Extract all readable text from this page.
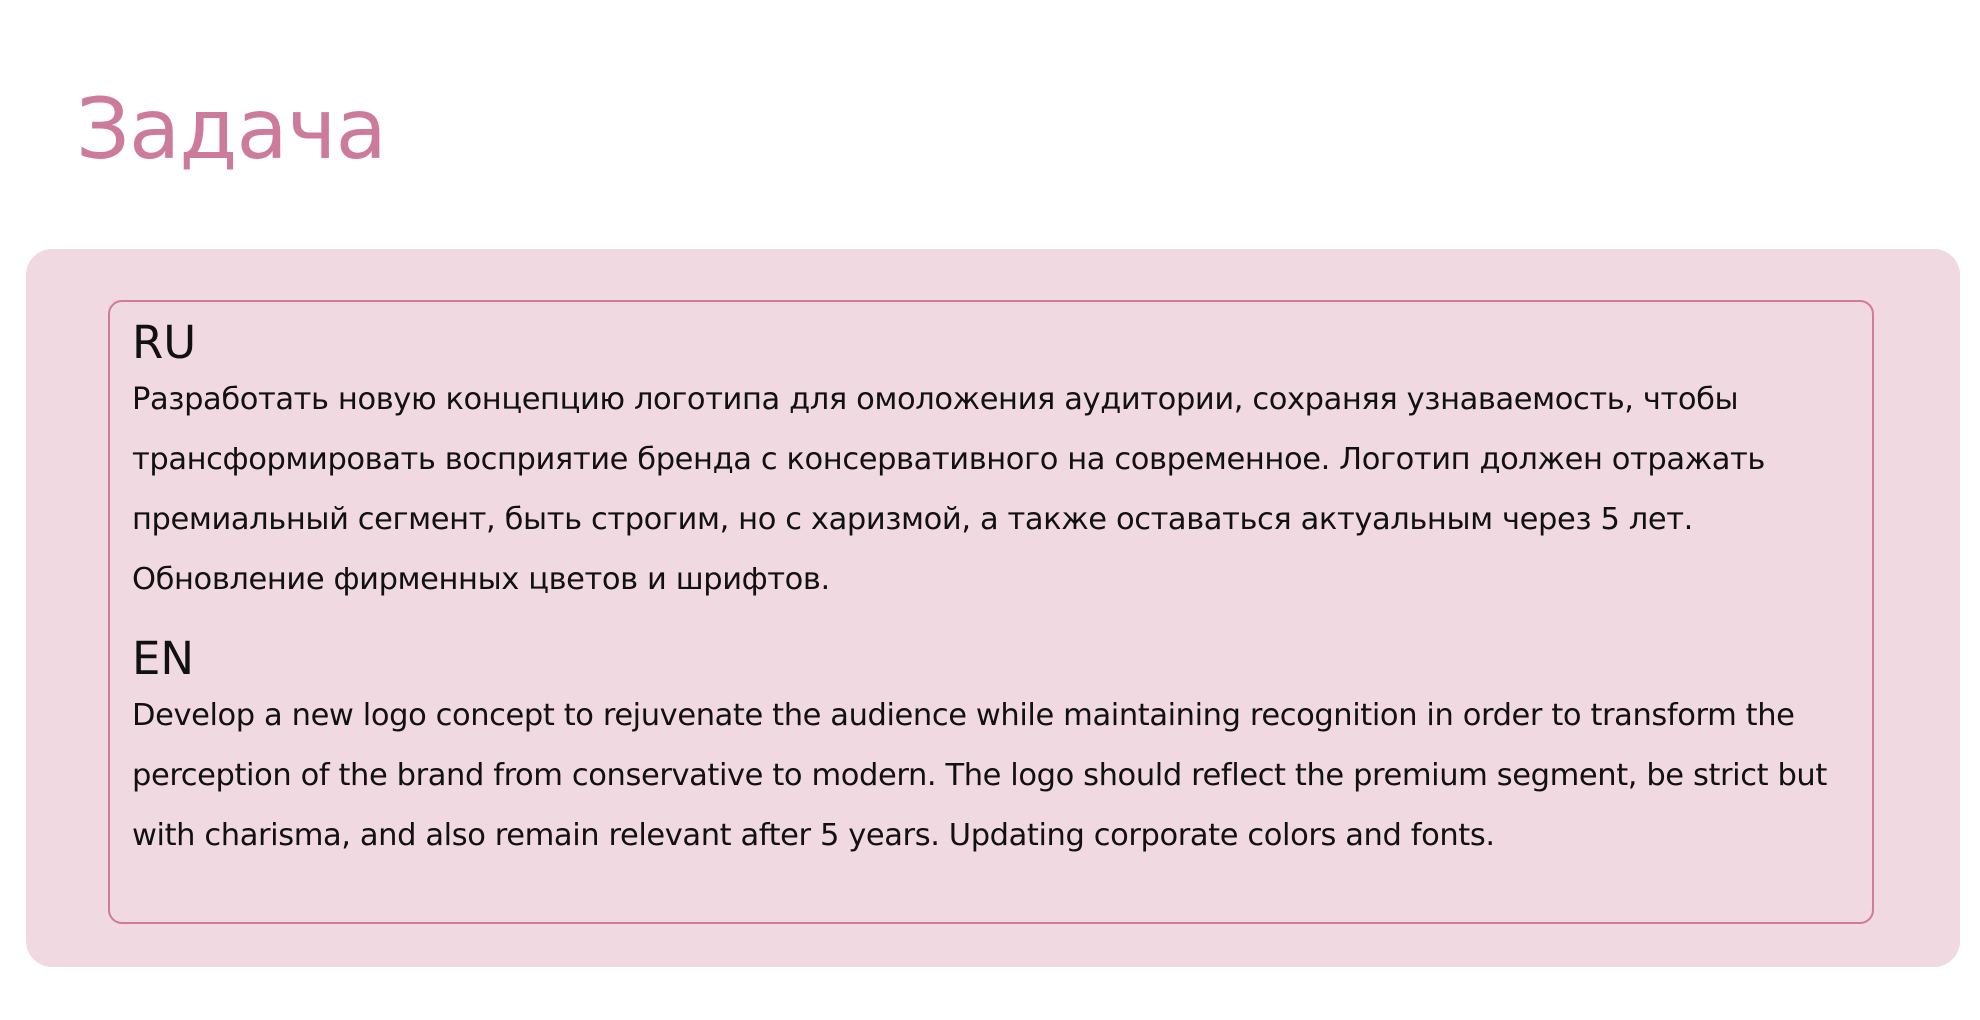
Задача
RU

Разработать новую концепцию логотипа для омоложения аудитории, сохраняя узнаваемость, чтобы трансформировать восприятие бренда с консервативного на современное. Логотип должен отражать премиальный сегмент, быть строгим, но с харизмой, а также оставаться актуальным через 5 лет. Обновление фирменных цветов и шрифтов.

EN

Develop a new logo concept to rejuvenate the audience while maintaining recognition in order to transform the perception of the brand from conservative to modern. The logo should reflect the premium segment, be strict but with charisma, and also remain relevant after 5 years. Updating corporate colors and fonts.
